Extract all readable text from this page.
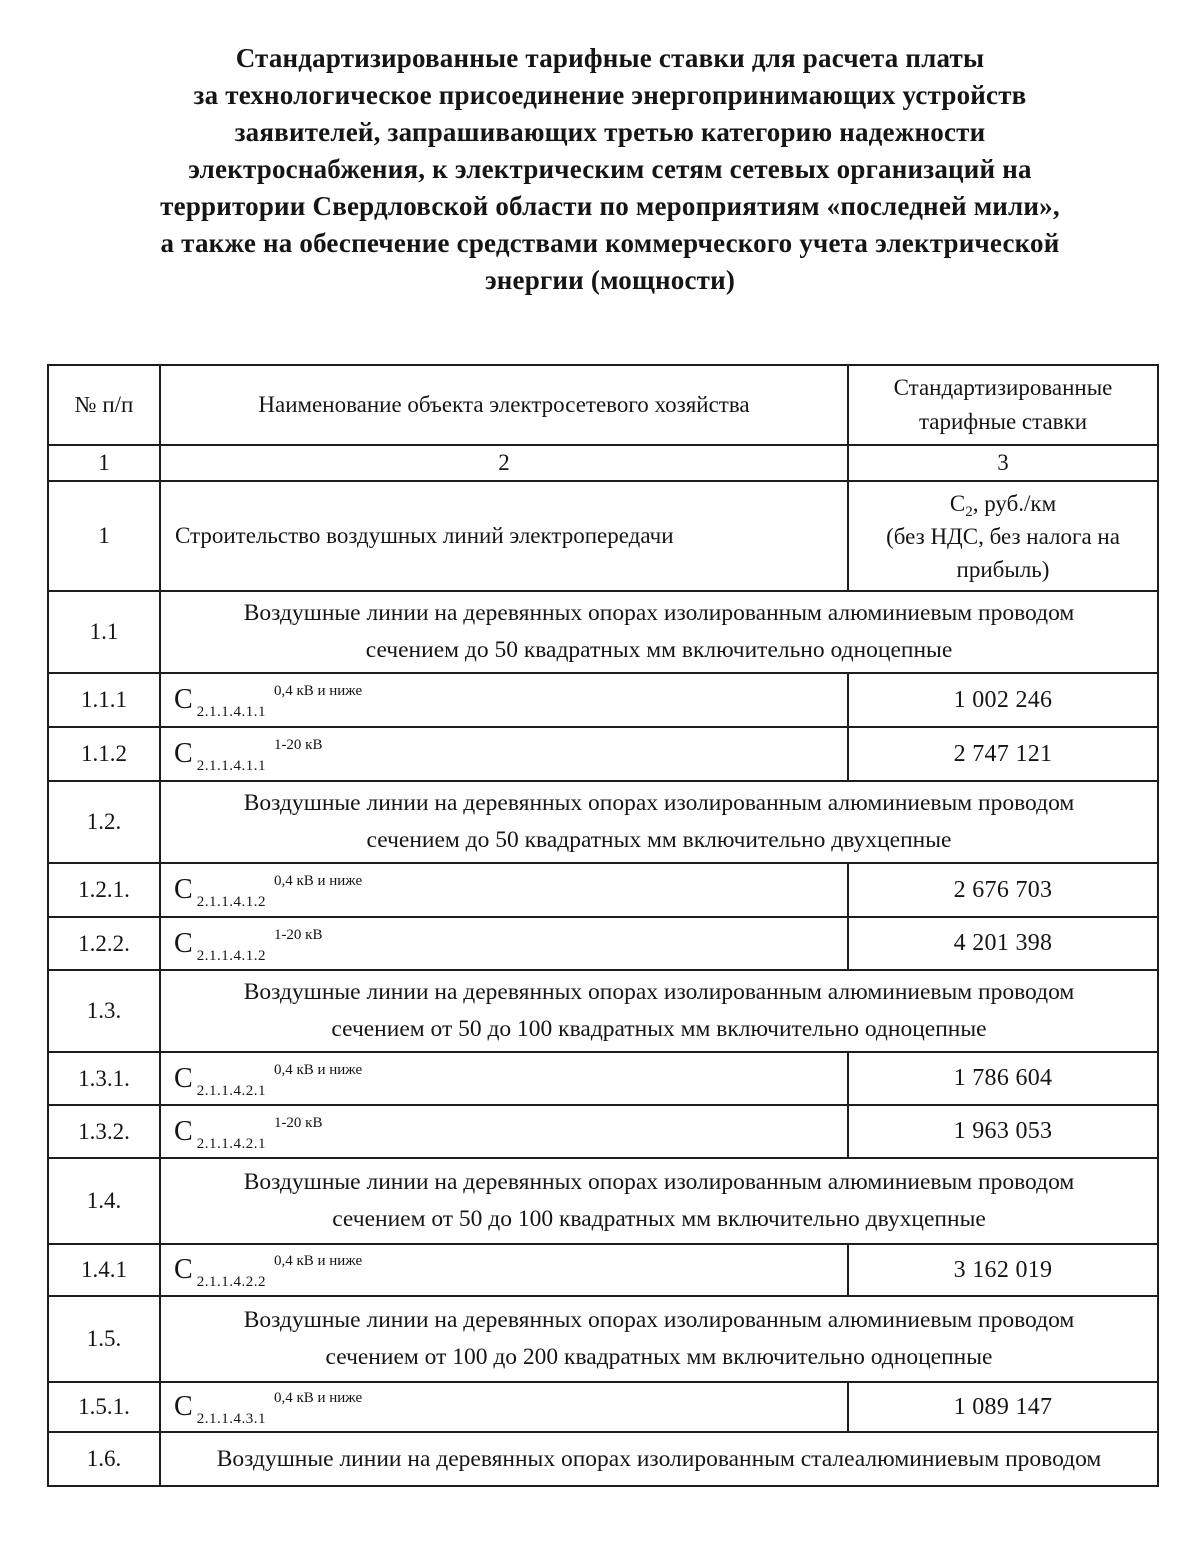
Стандартизированные тарифные ставки для расчета платы
за технологическое присоединение энергопринимающих устройств
заявителей, запрашивающих третью категорию надежности
электроснабжения, к электрическим сетям сетевых организаций на
территории Свердловской области по мероприятиям «последней мили»,
а также на обеспечение средствами коммерческого учета электрической
энергии (мощности)
№ п/п	Наименование объекта электросетевого хозяйства	Стандартизированные тарифные ставки
1	2	3
1	Строительство воздушных линий электропередачи	$С_2$, руб./км
(без НДС, без налога на прибыль)

1.1	Воздушные линии на деревянных опорах изолированным алюминиевым проводом сечением до 50 квадратных мм включительно одноцепные	
1.1.1	С $_{2.1.1.4.1.1}^{0,4 кВ и ниже}$	1 002 246
1.1.2	С $_{2.1.1.4.1.1}^{1-20 кВ}$	2 747 121
1.2.	Воздушные линии на деревянных опорах изолированным алюминиевым проводом сечением до 50 квадратных мм включительно двухцепные	
1.2.1.	С $_{2.1.1.4.1.2}^{0,4 кВ и ниже}$	2 676 703
1.2.2.	С $_{2.1.1.4.1.2}^{1-20 кВ}$	4 201 398
1.3.	Воздушные линии на деревянных опорах изолированным алюминиевым проводом сечением от 50 до 100 квадратных мм включительно одноцепные	
1.3.1.	С $_{2.1.1.4.2.1}^{0,4 кВ и ниже}$	1 786 604
1.3.2.	С $_{2.1.1.4.2.1}^{1-20 кВ}$	1 963 053
1.4.	Воздушные линии на деревянных опорах изолированным алюминиевым проводом сечением от 50 до 100 квадратных мм включительно двухцепные	
1.4.1	С $_{2.1.1.4.2.2}^{0,4 кВ и ниже}$	3 162 019
1.5.	Воздушные линии на деревянных опорах изолированным алюминиевым проводом сечением от 100 до 200 квадратных мм включительно одноцепные	
1.5.1.	С $_{2.1.1.4.3.1}^{0,4 кВ и ниже}$	1 089 147
1.6.	Воздушные линии на деревянных опорах изолированным сталеалюминиевым проводом	
